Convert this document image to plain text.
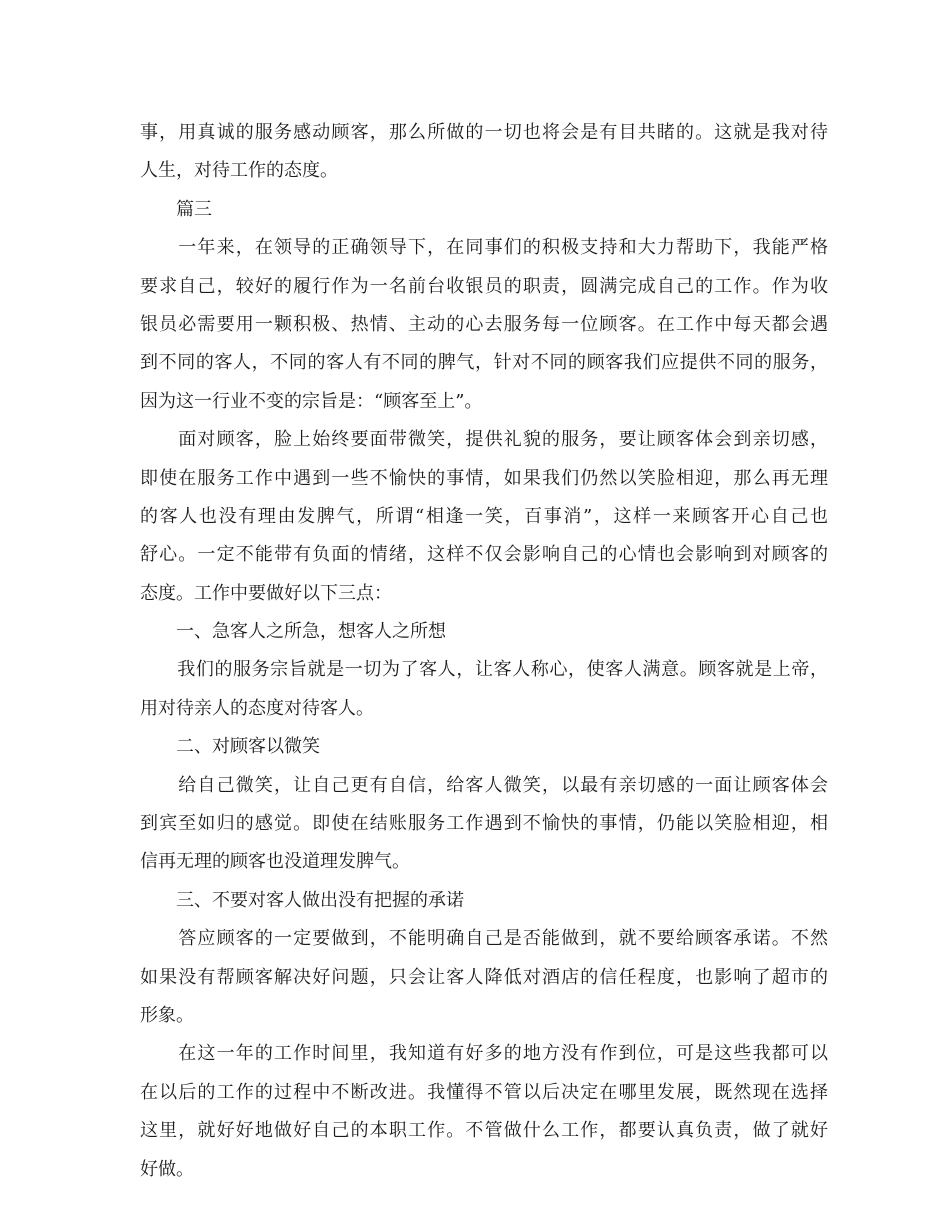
事，用真诚的服务感动顾客，那么所做的一切也将会是有目共睹的。这就是我对待
人生，对待工作的态度。
　　篇三
　　一年来，在领导的正确领导下，在同事们的积极支持和大力帮助下，我能严格
要求自己，较好的履行作为一名前台收银员的职责，圆满完成自己的工作。作为收
银员必需要用一颗积极、热情、主动的心去服务每一位顾客。在工作中每天都会遇
到不同的客人，不同的客人有不同的脾气，针对不同的顾客我们应提供不同的服务，
因为这一行业不变的宗旨是：“顾客至上”。
　　面对顾客，脸上始终要面带微笑，提供礼貌的服务，要让顾客体会到亲切感，
即使在服务工作中遇到一些不愉快的事情，如果我们仍然以笑脸相迎，那么再无理
的客人也没有理由发脾气，所谓“相逢一笑，百事消”，这样一来顾客开心自己也
舒心。一定不能带有负面的情绪，这样不仅会影响自己的心情也会影响到对顾客的
态度。工作中要做好以下三点：
　　一、急客人之所急，想客人之所想
　　我们的服务宗旨就是一切为了客人，让客人称心，使客人满意。顾客就是上帝，
用对待亲人的态度对待客人。
　　二、对顾客以微笑
　　给自己微笑，让自己更有自信，给客人微笑，以最有亲切感的一面让顾客体会
到宾至如归的感觉。即使在结账服务工作遇到不愉快的事情，仍能以笑脸相迎，相
信再无理的顾客也没道理发脾气。
　　三、不要对客人做出没有把握的承诺
　　答应顾客的一定要做到，不能明确自己是否能做到，就不要给顾客承诺。不然
如果没有帮顾客解决好问题，只会让客人降低对酒店的信任程度，也影响了超市的
形象。
　　在这一年的工作时间里，我知道有好多的地方没有作到位，可是这些我都可以
在以后的工作的过程中不断改进。我懂得不管以后决定在哪里发展，既然现在选择
这里，就好好地做好自己的本职工作。不管做什么工作，都要认真负责，做了就好
好做。
